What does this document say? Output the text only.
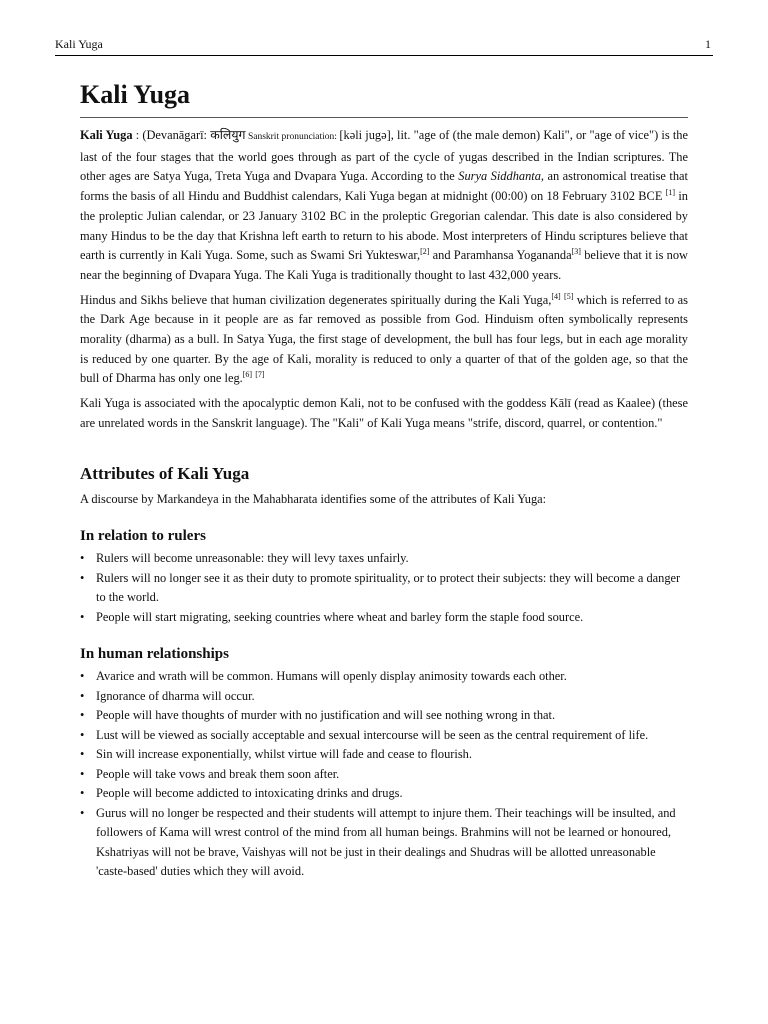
Kali Yuga	1
Kali Yuga

Kali Yuga : (Devanāgarī: कलियुग Sanskrit pronunciation: [kəli jugə], lit. "age of (the male demon) Kali", or "age of vice") is the last of the four stages that the world goes through as part of the cycle of yugas described in the Indian scriptures. The other ages are Satya Yuga, Treta Yuga and Dvapara Yuga. According to the Surya Siddhanta, an astronomical treatise that forms the basis of all Hindu and Buddhist calendars, Kali Yuga began at midnight (00:00) on 18 February 3102 BCE [1] in the proleptic Julian calendar, or 23 January 3102 BC in the proleptic Gregorian calendar. This date is also considered by many Hindus to be the day that Krishna left earth to return to his abode. Most interpreters of Hindu scriptures believe that earth is currently in Kali Yuga. Some, such as Swami Sri Yukteswar,[2] and Paramhansa Yogananda[3] believe that it is now near the beginning of Dvapara Yuga. The Kali Yuga is traditionally thought to last 432,000 years.

Hindus and Sikhs believe that human civilization degenerates spiritually during the Kali Yuga,[4] [5] which is referred to as the Dark Age because in it people are as far removed as possible from God. Hinduism often symbolically represents morality (dharma) as a bull. In Satya Yuga, the first stage of development, the bull has four legs, but in each age morality is reduced by one quarter. By the age of Kali, morality is reduced to only a quarter of that of the golden age, so that the bull of Dharma has only one leg.[6] [7]

Kali Yuga is associated with the apocalyptic demon Kali, not to be confused with the goddess Kālī (read as Kaalee) (these are unrelated words in the Sanskrit language). The "Kali" of Kali Yuga means "strife, discord, quarrel, or contention."

Attributes of Kali Yuga

A discourse by Markandeya in the Mahabharata identifies some of the attributes of Kali Yuga:

In relation to rulers
• Rulers will become unreasonable: they will levy taxes unfairly.
• Rulers will no longer see it as their duty to promote spirituality, or to protect their subjects: they will become a danger to the world.
• People will start migrating, seeking countries where wheat and barley form the staple food source.
In human relationships
• Avarice and wrath will be common. Humans will openly display animosity towards each other.
• Ignorance of dharma will occur.
• People will have thoughts of murder with no justification and will see nothing wrong in that.
• Lust will be viewed as socially acceptable and sexual intercourse will be seen as the central requirement of life.
• Sin will increase exponentially, whilst virtue will fade and cease to flourish.
• People will take vows and break them soon after.
• People will become addicted to intoxicating drinks and drugs.
• Gurus will no longer be respected and their students will attempt to injure them. Their teachings will be insulted, and followers of Kama will wrest control of the mind from all human beings. Brahmins will not be learned or honoured, Kshatriyas will not be brave, Vaishyas will not be just in their dealings and Shudras will be allotted unreasonable 'caste-based' duties which they will avoid.
